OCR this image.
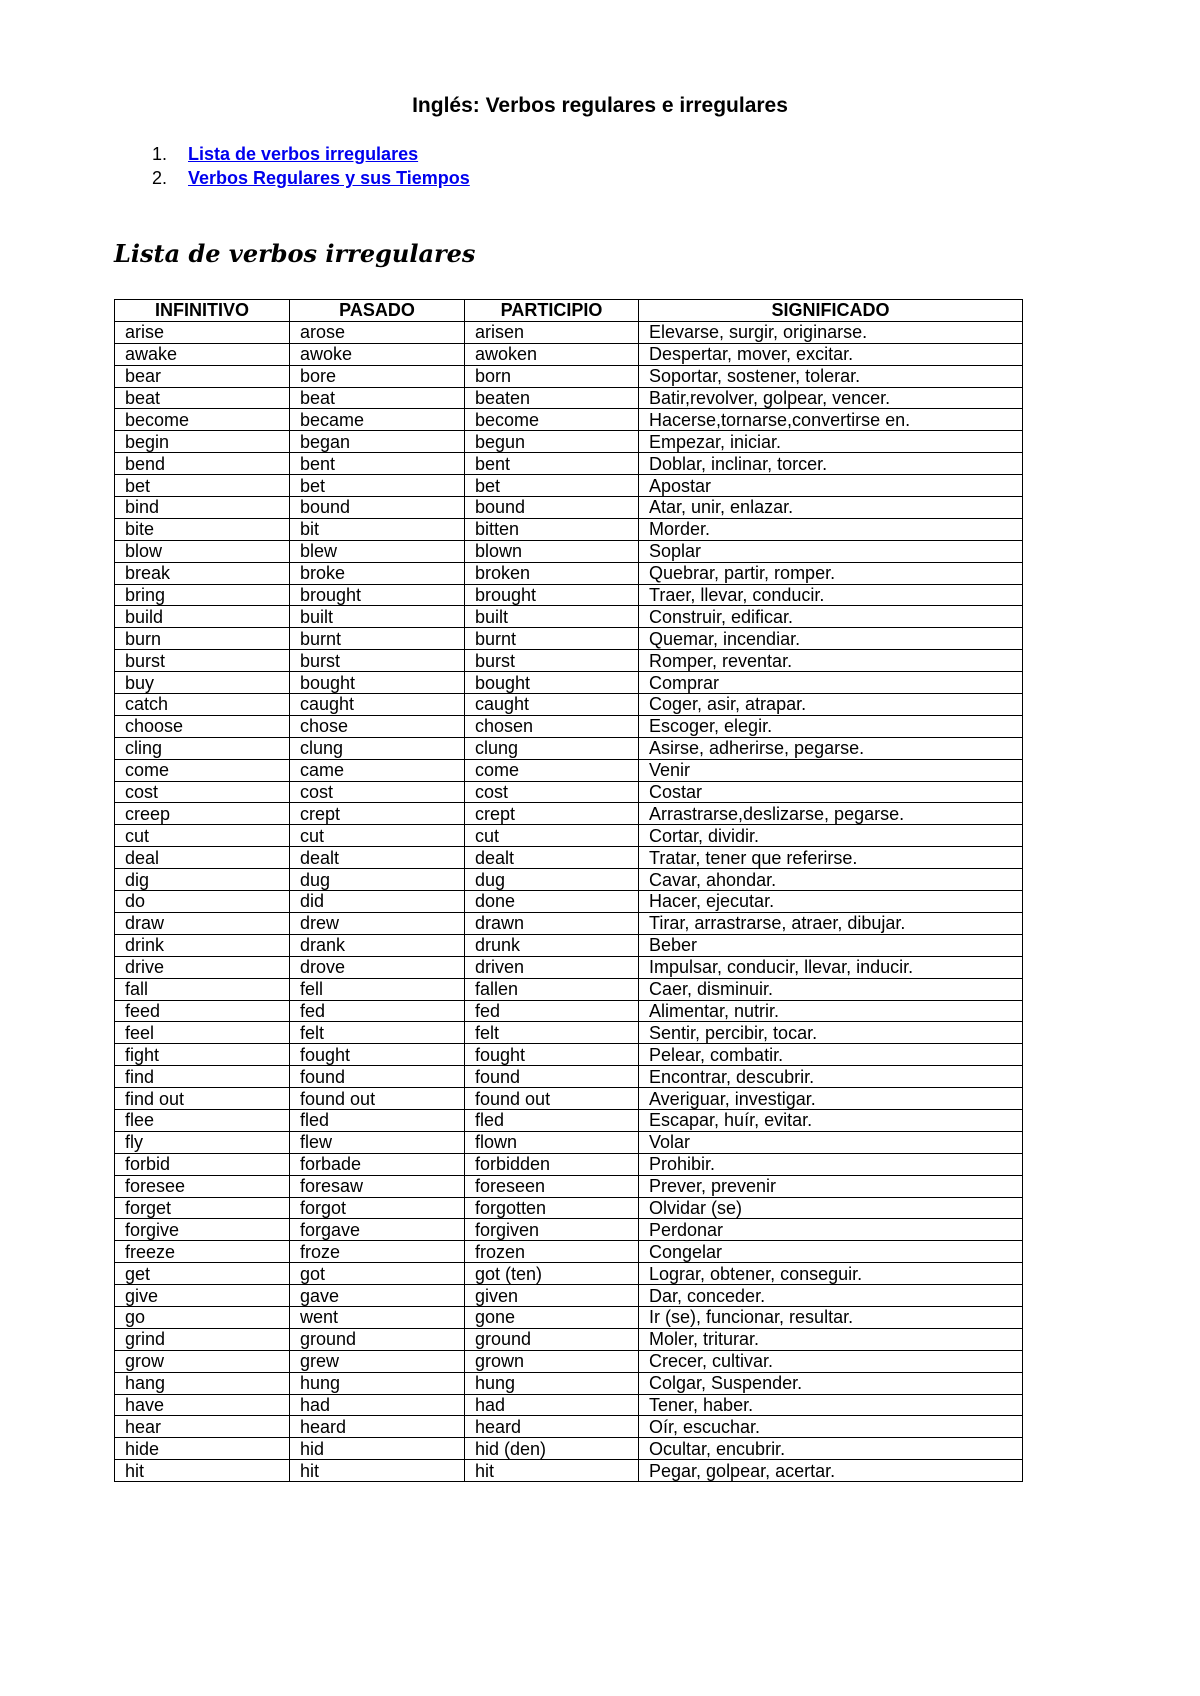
Inglés: Verbos regulares e irregulares
1. Lista de verbos irregulares
2. Verbos Regulares y sus Tiempos
Lista de verbos irregulares
INFINITIVO	PASADO	PARTICIPIO	SIGNIFICADO
arise	arose	arisen	Elevarse, surgir, originarse.
awake	awoke	awoken	Despertar, mover, excitar.
bear	bore	born	Soportar, sostener, tolerar.
beat	beat	beaten	Batir,revolver, golpear, vencer.
become	became	become	Hacerse,tornarse,convertirse en.
begin	began	begun	Empezar, iniciar.
bend	bent	bent	Doblar, inclinar, torcer.
bet	bet	bet	Apostar
bind	bound	bound	Atar, unir, enlazar.
bite	bit	bitten	Morder.
blow	blew	blown	Soplar
break	broke	broken	Quebrar, partir, romper.
bring	brought	brought	Traer, llevar, conducir.
build	built	built	Construir, edificar.
burn	burnt	burnt	Quemar, incendiar.
burst	burst	burst	Romper, reventar.
buy	bought	bought	Comprar
catch	caught	caught	Coger, asir, atrapar.
choose	chose	chosen	Escoger, elegir.
cling	clung	clung	Asirse, adherirse, pegarse.
come	came	come	Venir
cost	cost	cost	Costar
creep	crept	crept	Arrastrarse,deslizarse, pegarse.
cut	cut	cut	Cortar, dividir.
deal	dealt	dealt	Tratar, tener que referirse.
dig	dug	dug	Cavar, ahondar.
do	did	done	Hacer, ejecutar.
draw	drew	drawn	Tirar, arrastrarse, atraer, dibujar.
drink	drank	drunk	Beber
drive	drove	driven	Impulsar, conducir, llevar, inducir.
fall	fell	fallen	Caer, disminuir.
feed	fed	fed	Alimentar, nutrir.
feel	felt	felt	Sentir, percibir, tocar.
fight	fought	fought	Pelear, combatir.
find	found	found	Encontrar, descubrir.
find out	found out	found out	Averiguar, investigar.
flee	fled	fled	Escapar, huír, evitar.
fly	flew	flown	Volar
forbid	forbade	forbidden	Prohibir.
foresee	foresaw	foreseen	Prever, prevenir
forget	forgot	forgotten	Olvidar (se)
forgive	forgave	forgiven	Perdonar
freeze	froze	frozen	Congelar
get	got	got (ten)	Lograr, obtener, conseguir.
give	gave	given	Dar, conceder.
go	went	gone	Ir (se), funcionar, resultar.
grind	ground	ground	Moler, triturar.
grow	grew	grown	Crecer, cultivar.
hang	hung	hung	Colgar, Suspender.
have	had	had	Tener, haber.
hear	heard	heard	Oír, escuchar.
hide	hid	hid (den)	Ocultar, encubrir.
hit	hit	hit	Pegar, golpear, acertar.
